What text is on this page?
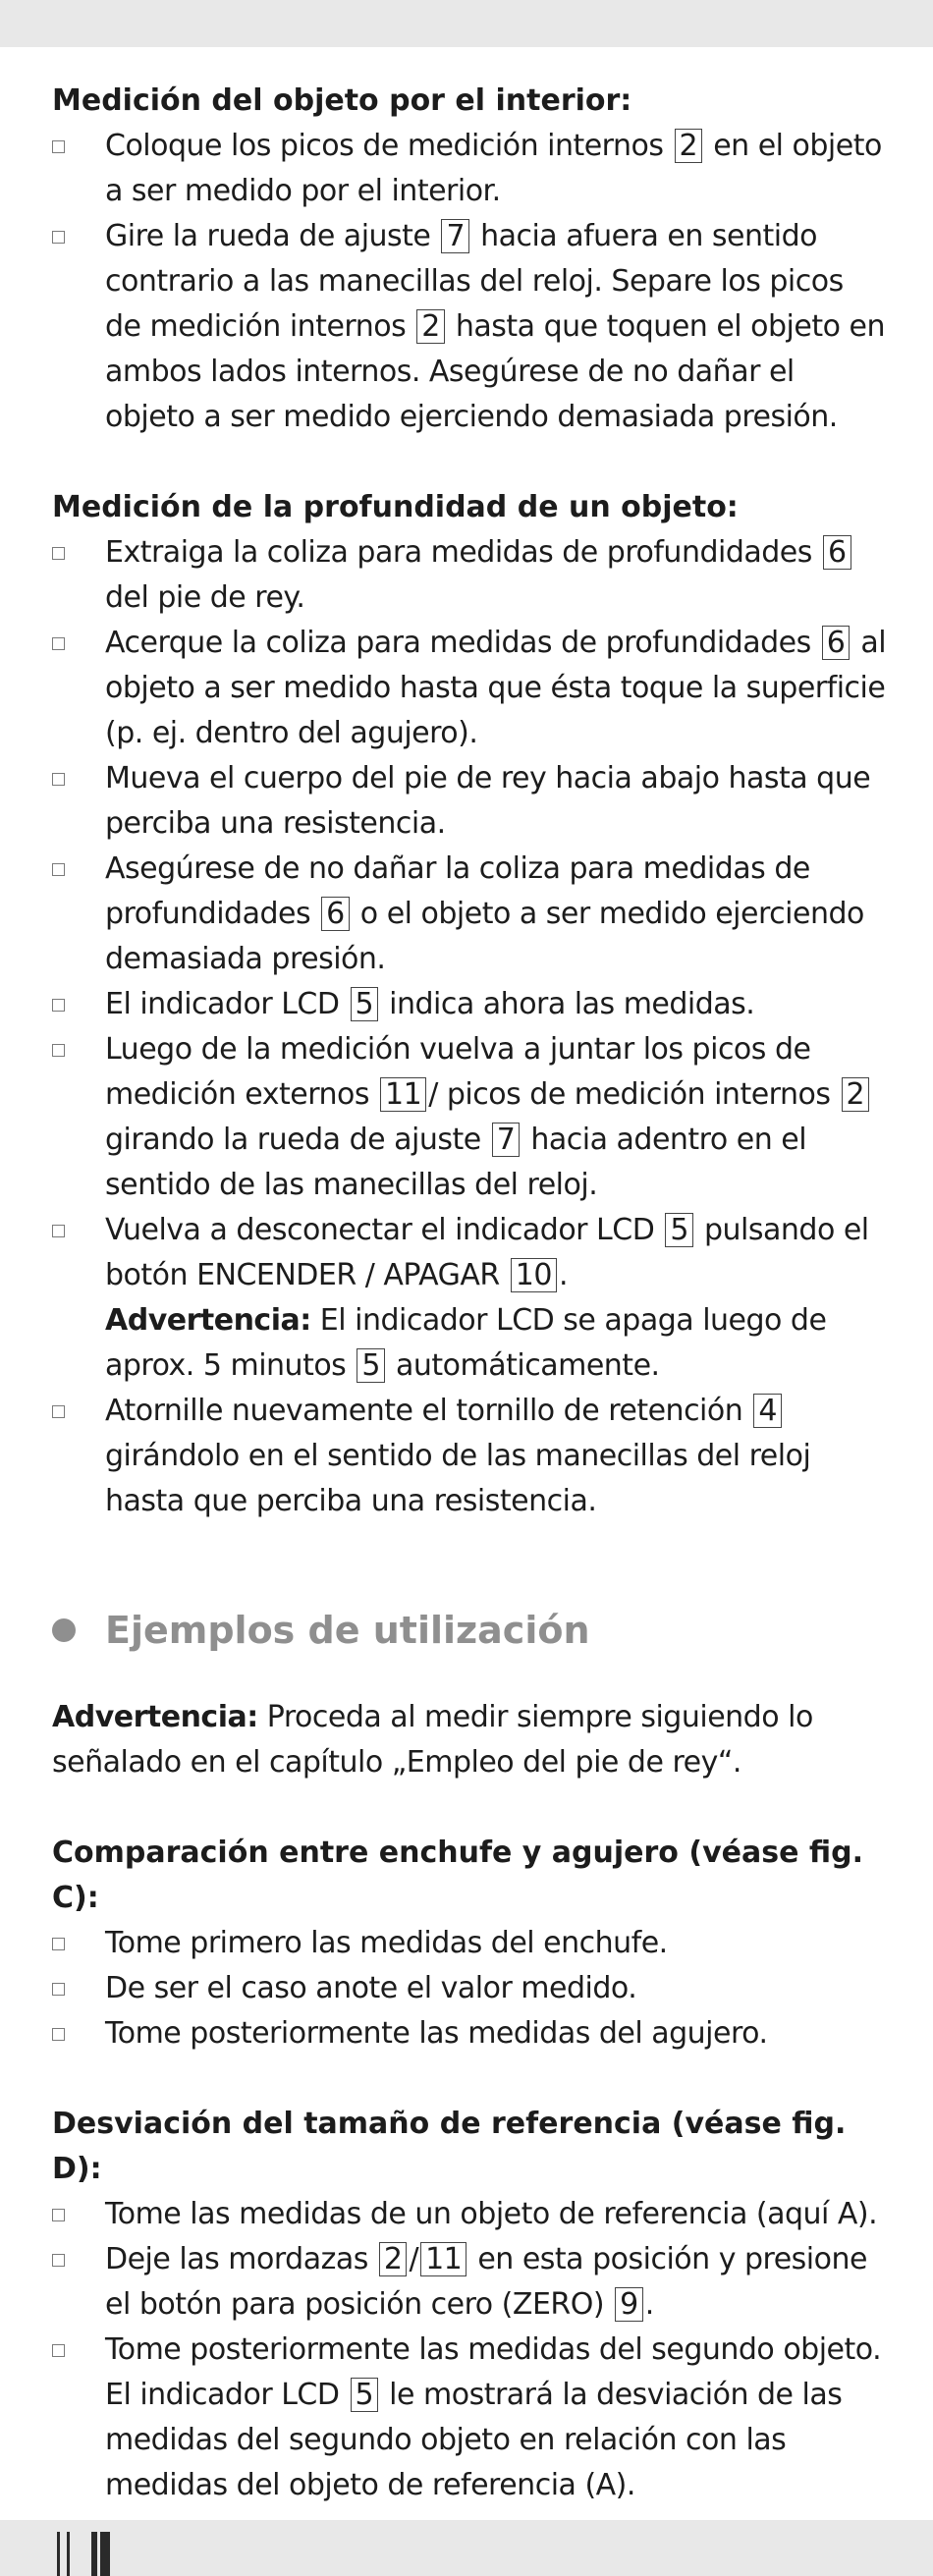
Medición del objeto por el interior:

Coloque los picos de medición internos 2 en el objeto a ser medido por el interior.
Gire la rueda de ajuste 7 hacia afuera en sentido contrario a las manecillas del reloj. Separe los picos de medición internos 2 hasta que toquen el objeto en ambos lados internos. Asegúrese de no dañar el objeto a ser medido ejerciendo demasiada presión.

Medición de la profundidad de un objeto:

Extraiga la coliza para medidas de profundidades 6 del pie de rey.
Acerque la coliza para medidas de profundidades 6 al objeto a ser medido hasta que ésta toque la superficie (p. ej. dentro del agujero).
Mueva el cuerpo del pie de rey hacia abajo hasta que perciba una resistencia.
Asegúrese de no dañar la coliza para medidas de profundidades 6 o el objeto a ser medido ejerciendo demasiada presión.
El indicador LCD 5 indica ahora las medidas.
Luego de la medición vuelva a juntar los picos de medición externos 11 / picos de medición internos 2 girando la rueda de ajuste 7 hacia adentro en el sentido de las manecillas del reloj.
Vuelva a desconectar el indicador LCD 5 pulsando el botón ENCENDER / APAGAR 10 .
Advertencia: El indicador LCD se apaga luego de aprox. 5 minutos 5 automáticamente.
Atornille nuevamente el tornillo de retención 4 girándolo en el sentido de las manecillas del reloj hasta que perciba una resistencia.
Ejemplos de utilización

Advertencia: Proceda al medir siempre siguiendo lo señalado en el capítulo „Empleo del pie de rey“.

Comparación entre enchufe y agujero (véase fig. C):

Tome primero las medidas del enchufe.
De ser el caso anote el valor medido.
Tome posteriormente las medidas del agujero.

Desviación del tamaño de referencia (véase fig. D):

Tome las medidas de un objeto de referencia (aquí A).
Deje las mordazas 2 / 11 en esta posición y presione el botón para posición cero (ZERO) 9 .
Tome posteriormente las medidas del segundo objeto. El indicador LCD 5 le mostrará la desviación de las medidas del segundo objeto en relación con las medidas del objeto de referencia (A).
